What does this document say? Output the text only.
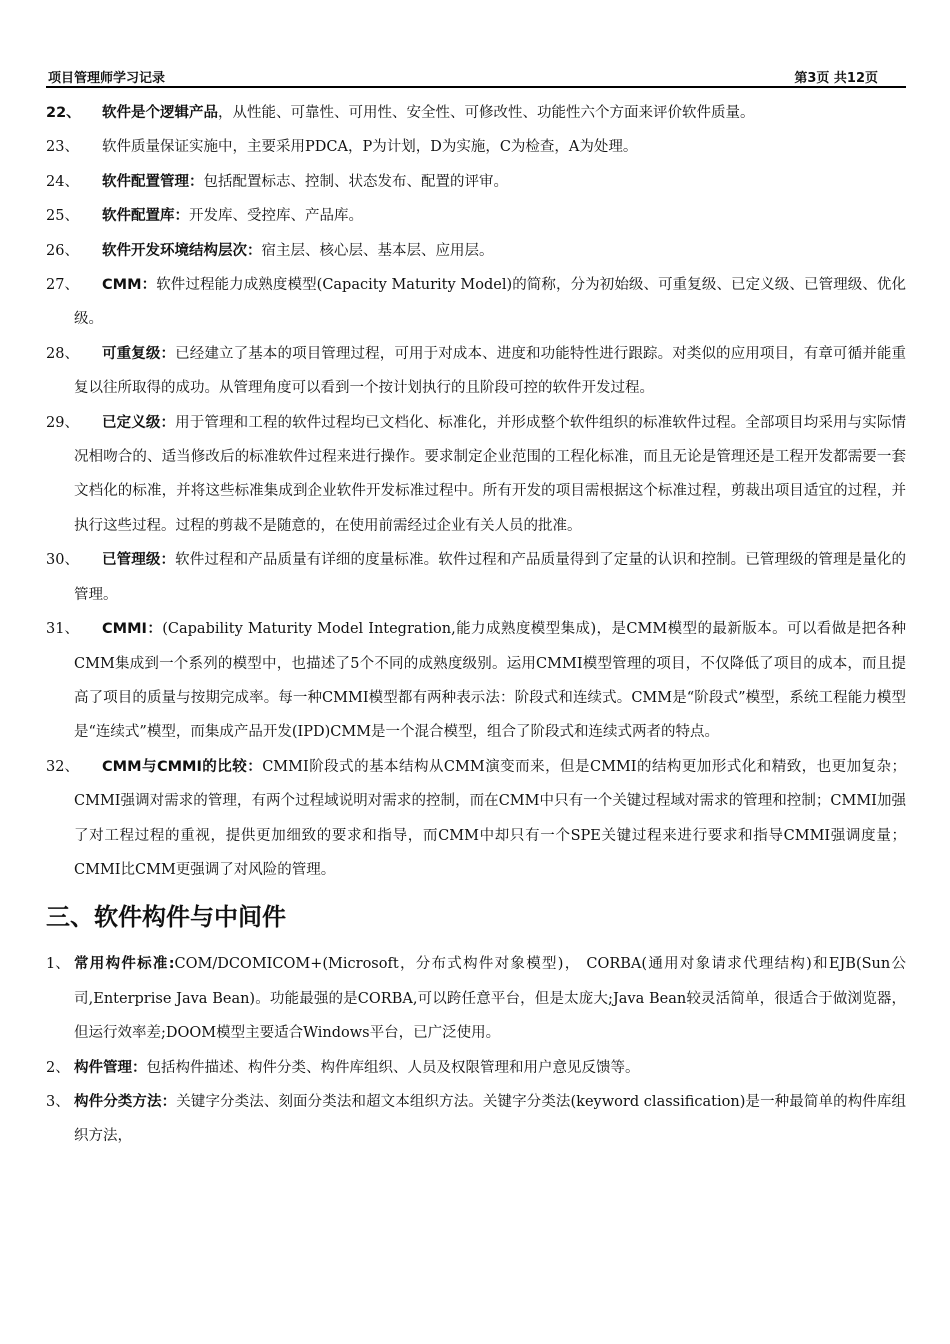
项目管理师学习记录	第3页 共12页
22、	软件是个逻辑产品，从性能、可靠性、可用性、安全性、可修改性、功能性六个方面来评价软件质量。
23、	软件质量保证实施中，主要采用PDCA，P为计划，D为实施，C为检查，A为处理。
24、	软件配置管理：包括配置标志、控制、状态发布、配置的评审。
25、	软件配置库：开发库、受控库、产品库。
26、	软件开发环境结构层次：宿主层、核心层、基本层、应用层。
27、	CMM：软件过程能力成熟度模型(Capacity Maturity Model)的简称，分为初始级、可重复级、已定义级、已管理级、优化级。
28、	可重复级：已经建立了基本的项目管理过程，可用于对成本、进度和功能特性进行跟踪。对类似的应用项目，有章可循并能重复以往所取得的成功。从管理角度可以看到一个按计划执行的且阶段可控的软件开发过程。
29、	已定义级：用于管理和工程的软件过程均已文档化、标准化，并形成整个软件组织的标准软件过程。全部项目均采用与实际情况相吻合的、适当修改后的标准软件过程来进行操作。要求制定企业范围的工程化标准，而且无论是管理还是工程开发都需要一套文档化的标准，并将这些标准集成到企业软件开发标准过程中。所有开发的项目需根据这个标准过程，剪裁出项目适宜的过程，并执行这些过程。过程的剪裁不是随意的，在使用前需经过企业有关人员的批准。
30、	已管理级：软件过程和产品质量有详细的度量标准。软件过程和产品质量得到了定量的认识和控制。已管理级的管理是量化的管理。
31、	CMMI：(Capability Maturity Model Integration,能力成熟度模型集成)，是CMM模型的最新版本。可以看做是把各种CMM集成到一个系列的模型中，也描述了5个不同的成熟度级别。运用CMMI模型管理的项目，不仅降低了项目的成本，而且提高了项目的质量与按期完成率。每一种CMMI模型都有两种表示法：阶段式和连续式。CMM是“阶段式”模型，系统工程能力模型是“连续式”模型，而集成产品开发(IPD)CMM是一个混合模型，组合了阶段式和连续式两者的特点。
32、	CMM与CMMI的比较：CMMI阶段式的基本结构从CMM演变而来，但是CMMI的结构更加形式化和精致，也更加复杂；CMMI强调对需求的管理，有两个过程域说明对需求的控制，而在CMM中只有一个关键过程域对需求的管理和控制；CMMI加强了对工程过程的重视，提供更加细致的要求和指导，而CMM中却只有一个SPE关键过程来进行要求和指导CMMI强调度量；CMMI比CMM更强调了对风险的管理。
三、软件构件与中间件
1、 常用构件标准:COM/DCOMICOM+(Microsoft，分布式构件对象模型)， CORBA(通用对象请求代理结构)和EJB(Sun公司,Enterprise Java Bean)。功能最强的是CORBA,可以跨任意平台，但是太庞大;Java Bean较灵活简单，很适合于做浏览器，但运行效率差;DOOM模型主要适合Windows平台，已广泛使用。
2、 构件管理：包括构件描述、构件分类、构件库组织、人员及权限管理和用户意见反馈等。
3、 构件分类方法：关键字分类法、刻面分类法和超文本组织方法。关键字分类法(keyword classification)是一种最简单的构件库组织方法，
